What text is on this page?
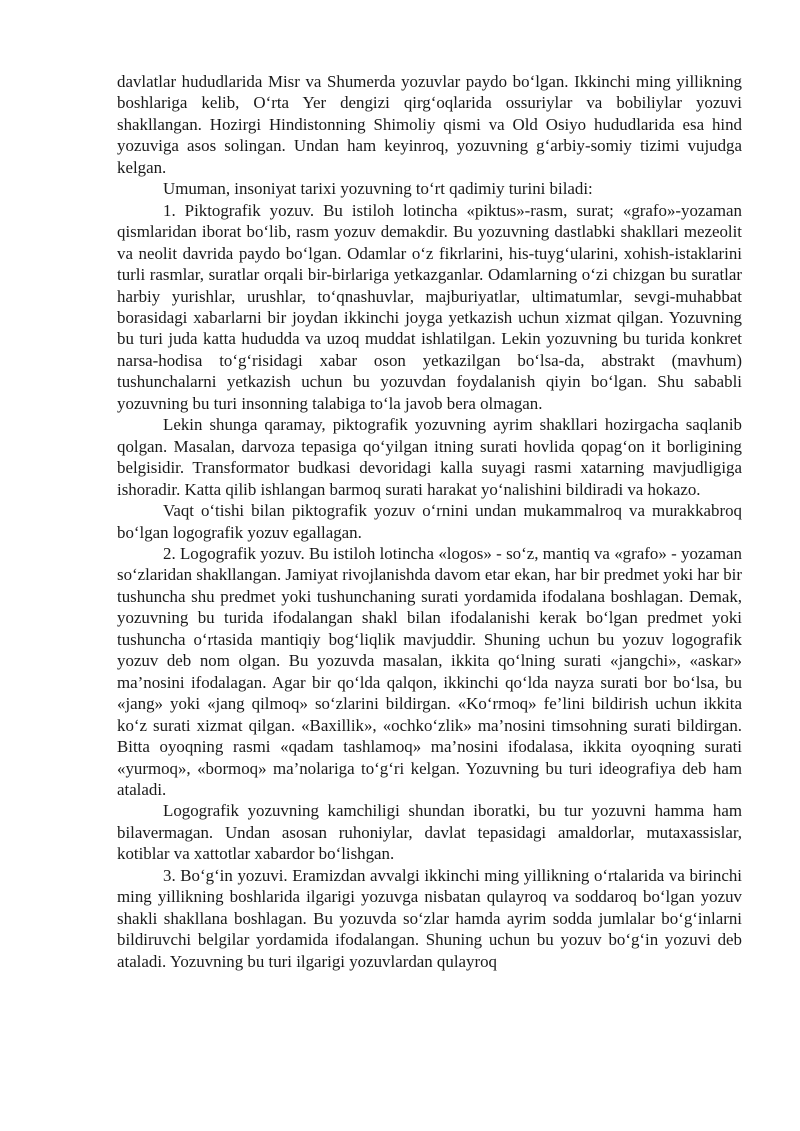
davlatlar hududlarida Misr va Shumerda yozuvlar paydo bo‘lgan. Ikkinchi ming yillikning boshlariga kelib, O‘rta Yer dengizi qirg‘oqlarida ossuriylar va bobiliylar yozuvi shakllangan. Hozirgi Hindistonning Shimoliy qismi va Old Osiyo hududlarida esa hind yozuviga asos solingan. Undan ham keyinroq, yozuvning g‘arbiy-somiy tizimi vujudga kelgan.

Umuman, insoniyat tarixi yozuvning to‘rt qadimiy turini biladi:

1. Piktografik yozuv. Bu istiloh lotincha «piktus»-rasm, surat; «grafo»-yozaman qismlaridan iborat bo‘lib, rasm yozuv demakdir. Bu yozuvning dastlabki shakllari mezeolit va neolit davrida paydo bo‘lgan. Odamlar o‘z fikrlarini, his-tuyg‘ularini, xohish-istaklarini turli rasmlar, suratlar orqali bir-birlariga yetkazganlar. Odamlarning o‘zi chizgan bu suratlar harbiy yurishlar, urushlar, to‘qnashuvlar, majburiyatlar, ultimatumlar, sevgi-muhabbat borasidagi xabarlarni bir joydan ikkinchi joyga yetkazish uchun xizmat qilgan. Yozuvning bu turi juda katta hududda va uzoq muddat ishlatilgan. Lekin yozuvning bu turida konkret narsa-hodisa to‘g‘risidagi xabar oson yetkazilgan bo‘lsa-da, abstrakt (mavhum) tushunchalarni yetkazish uchun bu yozuvdan foydalanish qiyin bo‘lgan. Shu sababli yozuvning bu turi insonning talabiga to‘la javob bera olmagan.

Lekin shunga qaramay, piktografik yozuvning ayrim shakllari hozirgacha saqlanib qolgan. Masalan, darvoza tepasiga qo‘yilgan itning surati hovlida qopag‘on it borligining belgisidir. Transformator budkasi devoridagi kalla suyagi rasmi xatarning mavjudligiga ishoradir. Katta qilib ishlangan barmoq surati harakat yo‘nalishini bildiradi va hokazo.

Vaqt o‘tishi bilan piktografik yozuv o‘rnini undan mukammalroq va murakkabroq bo‘lgan logografik yozuv egallagan.

2. Logografik yozuv. Bu istiloh lotincha «logos» - so‘z, mantiq va «grafo» - yozaman so‘zlaridan shakllangan. Jamiyat rivojlanishda davom etar ekan, har bir predmet yoki har bir tushuncha shu predmet yoki tushunchaning surati yordamida ifodalana boshlagan. Demak, yozuvning bu turida ifodalangan shakl bilan ifodalanishi kerak bo‘lgan predmet yoki tushuncha o‘rtasida mantiqiy bog‘liqlik mavjuddir. Shuning uchun bu yozuv logografik yozuv deb nom olgan. Bu yozuvda masalan, ikkita qo‘lning surati «jangchi», «askar» ma’nosini ifodalagan. Agar bir qo‘lda qalqon, ikkinchi qo‘lda nayza surati bor bo‘lsa, bu «jang» yoki «jang qilmoq» so‘zlarini bildirgan. «Ko‘rmoq» fe’lini bildirish uchun ikkita ko‘z surati xizmat qilgan. «Baxillik», «ochko‘zlik» ma’nosini timsohning surati bildirgan. Bitta oyoqning rasmi «qadam tashlamoq» ma’nosini ifodalasa, ikkita oyoqning surati «yurmoq», «bormoq» ma’nolariga to‘g‘ri kelgan. Yozuvning bu turi ideografiya deb ham ataladi.

Logografik yozuvning kamchiligi shundan iboratki, bu tur yozuvni hamma ham bilavermagan. Undan asosan ruhoniylar, davlat tepasidagi amaldorlar, mutaxassislar, kotiblar va xattotlar xabardor bo‘lishgan.

3. Bo‘g‘in yozuvi. Eramizdan avvalgi ikkinchi ming yillikning o‘rtalarida va birinchi ming yillikning boshlarida ilgarigi yozuvga nisbatan qulayroq va soddaroq bo‘lgan yozuv shakli shakllana boshlagan. Bu yozuvda so‘zlar hamda ayrim sodda jumlalar bo‘g‘inlarni bildiruvchi belgilar yordamida ifodalangan. Shuning uchun bu yozuv bo‘g‘in yozuvi deb ataladi. Yozuvning bu turi ilgarigi yozuvlardan qulayroq
